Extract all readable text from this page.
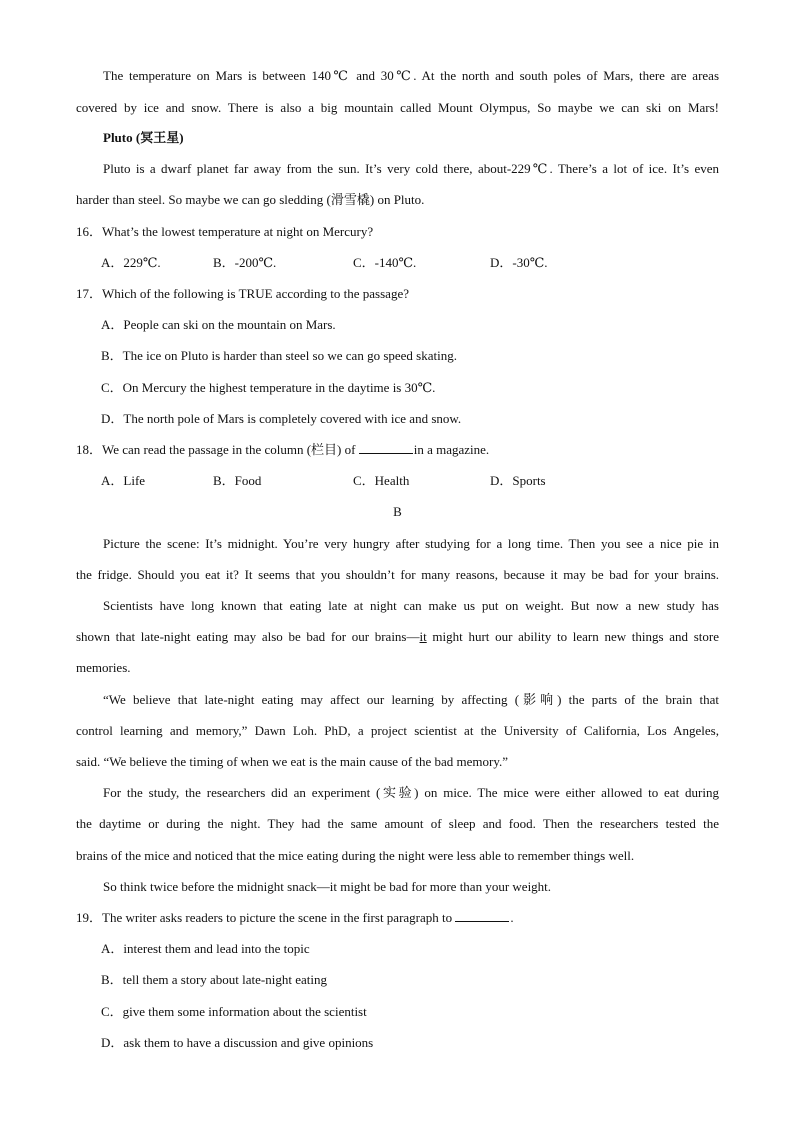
The temperature on Mars is between 140℃ and 30℃. At the north and south poles of Mars, there are areas
covered by ice and snow. There is also a big mountain called Mount Olympus, So maybe we can ski on Mars!
Pluto (冥王星)
Pluto is a dwarf planet far away from the sun. It’s very cold there, about-229℃. There’s a lot of ice. It’s even
harder than steel. So maybe we can go sledding (滑雪橇) on Pluto.
16．What’s the lowest temperature at night on Mercury?
A．229℃.	B．-200℃.	C．-140℃.	D．-30℃.
17．Which of the following is TRUE according to the passage?
A．People can ski on the mountain on Mars.
B．The ice on Pluto is harder than steel so we can go speed skating.
C．On Mercury the highest temperature in the daytime is 30℃.
D．The north pole of Mars is completely covered with ice and snow.
18．We can read the passage in the column (栏目) of	in a magazine.
A．Life	B．Food	C．Health	D．Sports
B
Picture the scene: It’s midnight. You’re very hungry after studying for a long time. Then you see a nice pie in
the fridge. Should you eat it? It seems that you shouldn’t for many reasons, because it may be bad for your brains.
Scientists have long known that eating late at night can make us put on weight. But now a new study has
shown that late-night eating may also be bad for our brains—it might hurt our ability to learn new things and store
memories.
“We believe that late-night eating may affect our learning by affecting (影响) the parts of the brain that
control learning and memory,” Dawn Loh. PhD, a project scientist at the University of California, Los Angeles,
said. “We believe the timing of when we eat is the main cause of the bad memory.”
For the study, the researchers did an experiment (实验) on mice. The mice were either allowed to eat during
the daytime or during the night. They had the same amount of sleep and food. Then the researchers tested the
brains of the mice and noticed that the mice eating during the night were less able to remember things well.
So think twice before the midnight snack—it might be bad for more than your weight.
19．The writer asks readers to picture the scene in the first paragraph to	.
A．interest them and lead into the topic
B．tell them a story about late-night eating
C．give them some information about the scientist
D．ask them to have a discussion and give opinions
